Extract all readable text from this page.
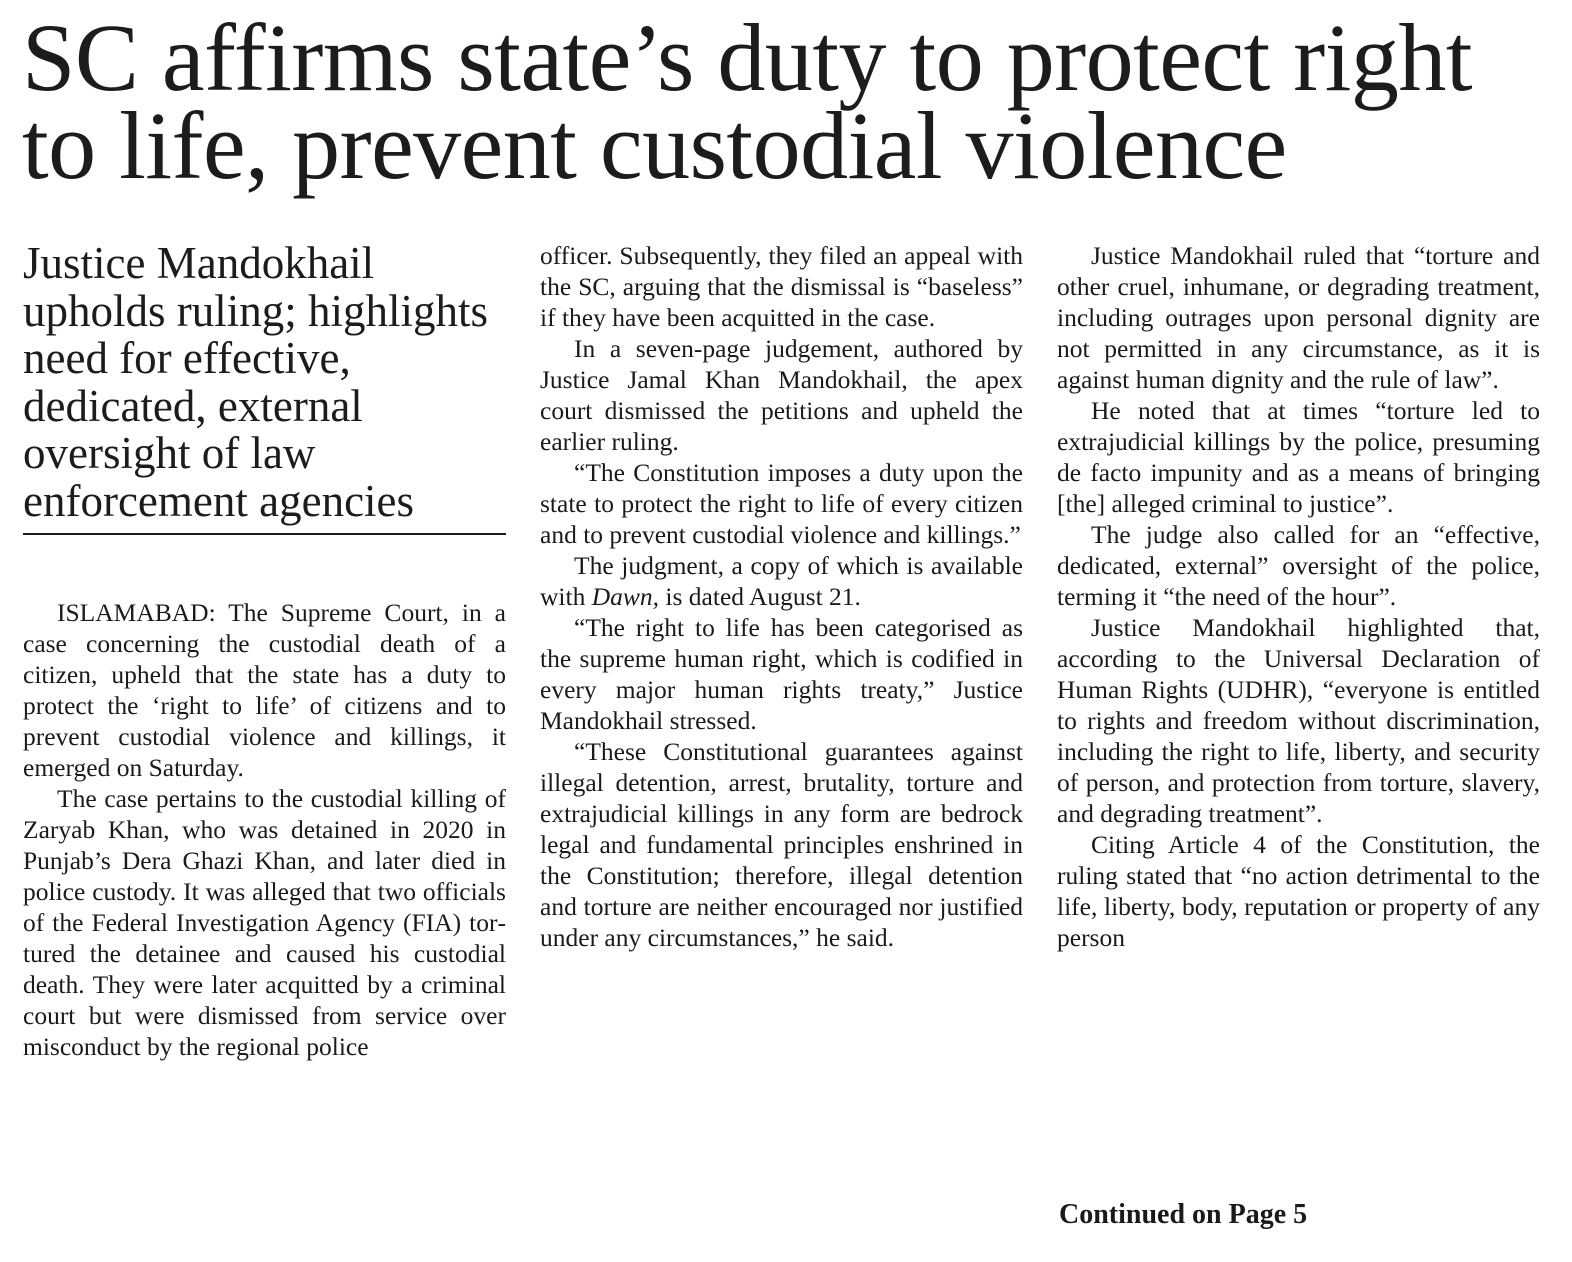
SC affirms state’s duty to protect right to life, prevent custodial violence
Justice Mandokhail upholds ruling; highlights need for effective, dedicated, external oversight of law enforcement agencies

ISLAMABAD: The Supreme Court, in a case concerning the custodial death of a citizen, upheld that the state has a duty to protect the ‘right to life’ of citizens and to prevent custodial violence and killings, it emerged on Saturday.

The case pertains to the custodial killing of Zaryab Khan, who was detained in 2020 in Punjab’s Dera Ghazi Khan, and later died in police custody. It was alleged that two officials of the Federal Investigation Agency (FIA) tortured the detainee and caused his custodial death. They were later acquitted by a criminal court but were dismissed from service over misconduct by the regional police

officer. Subsequently, they filed an appeal with the SC, arguing that the dismissal is “baseless” if they have been acquitted in the case.

In a seven-page judgement, authored by Justice Jamal Khan Mandokhail, the apex court dismissed the petitions and upheld the earlier ruling.

“The Constitution imposes a duty upon the state to protect the right to life of every citizen and to prevent custodial violence and killings.”

The judgment, a copy of which is available with Dawn, is dated August 21.

“The right to life has been categorised as the supreme human right, which is codified in every major human rights treaty,” Justice Mandokhail stressed.

“These Constitutional guarantees against illegal detention, arrest, brutality, torture and extrajudicial killings in any form are bedrock legal and fundamental principles enshrined in the Constitution; therefore, illegal detention and torture are neither encouraged nor justified under any circumstances,” he said.

Justice Mandokhail ruled that “torture and other cruel, inhumane, or degrading treatment, including outrages upon personal dignity are not permitted in any circumstance, as it is against human dignity and the rule of law”.

He noted that at times “torture led to extrajudicial killings by the police, presuming de facto impunity and as a means of bringing [the] alleged criminal to justice”.

The judge also called for an “effective, dedicated, external” oversight of the police, terming it “the need of the hour”.

Justice Mandokhail highlighted that, according to the Universal Declaration of Human Rights (UDHR), “everyone is entitled to rights and freedom without discrimination, including the right to life, liberty, and security of person, and protection from torture, slavery, and degrading treatment”.

Citing Article 4 of the Constitution, the ruling stated that “no action detrimental to the life, liberty, body, reputation or property of any person

Continued on Page 5
